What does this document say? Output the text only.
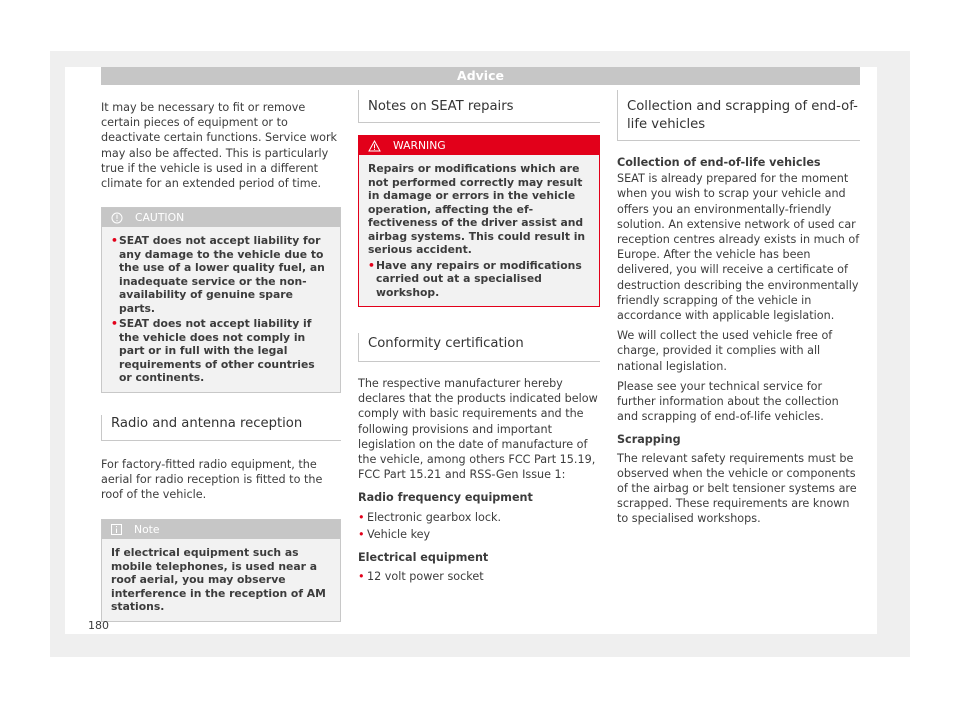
Advice

It may be necessary to fit or remove certain pieces of equipment or to deactivate certain functions. Service work may also be affected. This is particularly true if the vehicle is used in a different climate for an extended period of time.

CAUTION

• SEAT does not accept liability for any damage to the vehicle due to the use of a lower quality fuel, an inadequate service or the non-availability of genuine spare parts.

• SEAT does not accept liability if the vehicle does not comply in part or in full with the legal requirements of other countries or continents.

Radio and antenna reception

For factory-fitted radio equipment, the aerial for radio reception is fitted to the roof of the vehicle.

Note

If electrical equipment such as mobile telephones, is used near a roof aerial, you may observe interference in the reception of AM stations.

Notes on SEAT repairs
WARNING

Repairs or modifications which are not performed correctly may result in damage or errors in the vehicle operation, affecting the effectiveness of the driver assist and airbag systems. This could result in serious accident.

• Have any repairs or modifications carried out at a specialised workshop.

Conformity certification

The respective manufacturer hereby declares that the products indicated below comply with basic requirements and the following provisions and important legislation on the date of manufacture of the vehicle, among others FCC Part 15.19, FCC Part 15.21 and RSS-Gen Issue 1:

Radio frequency equipment

• Electronic gearbox lock.

• Vehicle key

Electrical equipment

• 12 volt power socket

Collection and scrapping of end-of-life vehicles

Collection of end-of-life vehicles

SEAT is already prepared for the moment when you wish to scrap your vehicle and offers you an environmentally-friendly solution. An extensive network of used car reception centres already exists in much of Europe. After the vehicle has been delivered, you will receive a certificate of destruction describing the environmentally friendly scrapping of the vehicle in accordance with applicable legislation.

We will collect the used vehicle free of charge, provided it complies with all national legislation.

Please see your technical service for further information about the collection and scrapping of end-of-life vehicles.

Scrapping

The relevant safety requirements must be observed when the vehicle or components of the airbag or belt tensioner systems are scrapped. These requirements are known to specialised workshops.

180
